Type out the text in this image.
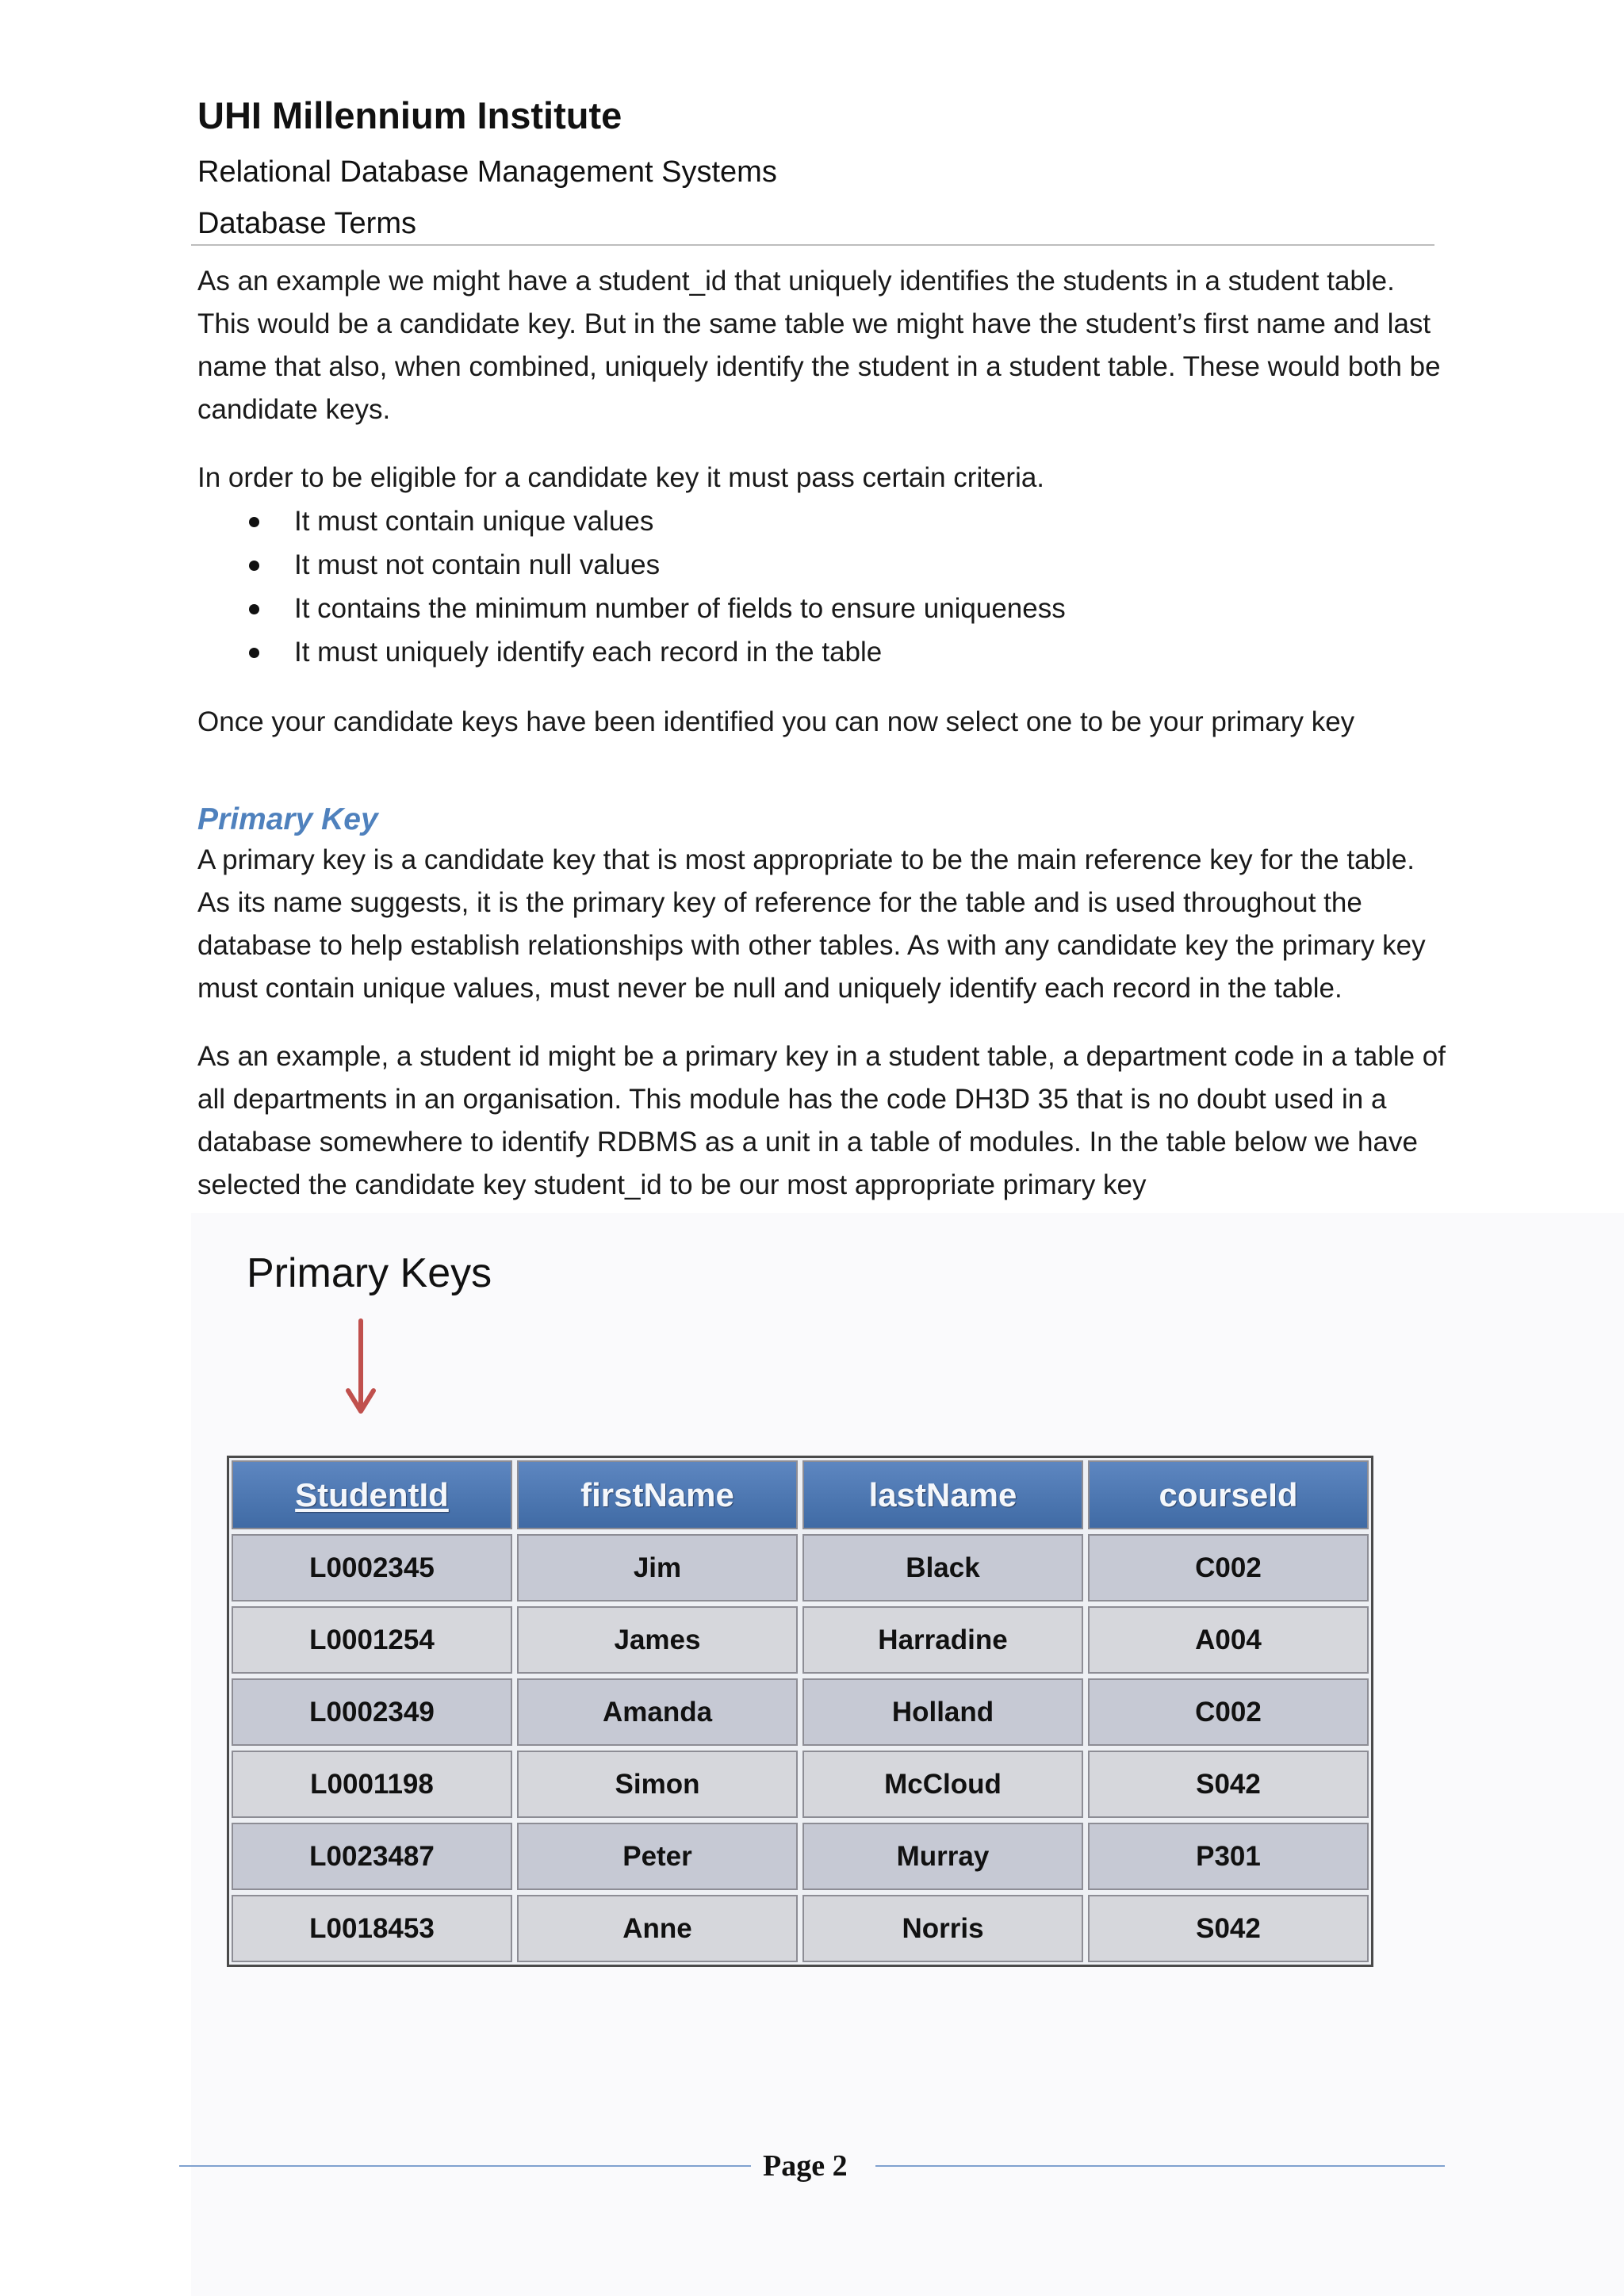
UHI Millennium Institute
Relational Database Management Systems
Database Terms
As an example we might have a student_id that uniquely identifies the students in a student table. This would be a candidate key. But in the same table we might have the student’s first name and last name that also, when combined, uniquely identify the student in a student table. These would both be candidate keys.
In order to be eligible for a candidate key it must pass certain criteria.
It must contain unique values
It must not contain null values
It contains the minimum number of fields to ensure uniqueness
It must uniquely identify each record in the table
Once your candidate keys have been identified you can now select one to be your primary key
Primary Key
A primary key is a candidate key that is most appropriate to be the main reference key for the table. As its name suggests, it is the primary key of reference for the table and is used throughout the database to help establish relationships with other tables. As with any candidate key the primary key must contain unique values, must never be null and uniquely identify each record in the table.
As an example, a student id might be a primary key in a student table, a department code in a table of all departments in an organisation. This module has the code DH3D 35 that is no doubt used in a database somewhere to identify RDBMS as a unit in a table of modules. In the table below we have selected the candidate key student_id to be our most appropriate primary key
Primary Keys
StudentId	firstName	lastName	courseId
L0002345	Jim	Black	C002
L0001254	James	Harradine	A004
L0002349	Amanda	Holland	C002
L0001198	Simon	McCloud	S042
L0023487	Peter	Murray	P301
L0018453	Anne	Norris	S042
Page 2
